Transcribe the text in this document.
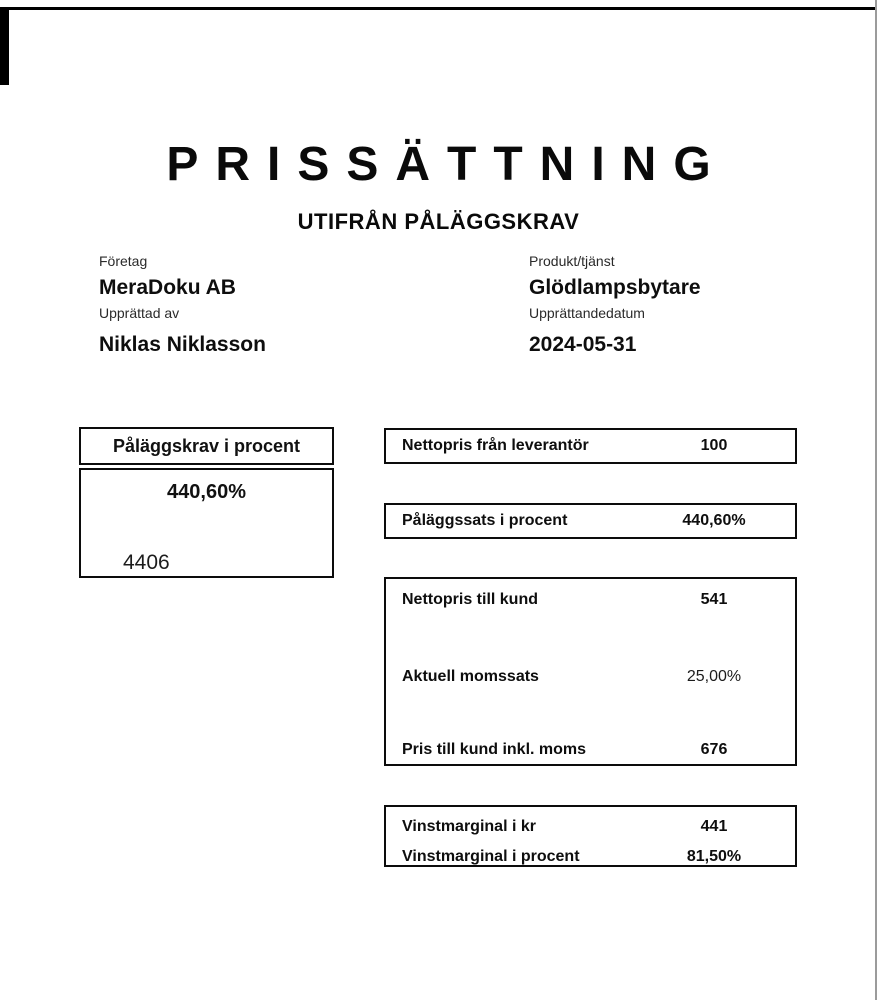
PRISSÄTTNING
UTIFRÅN PÅLÄGGSKRAV
Företag
MeraDoku AB
Produkt/tjänst
Glödlampsbytare
Upprättad av
Niklas Niklasson
Upprättandedatum
2024-05-31
Påläggskrav i procent
440,60%
4406
Nettopris från leverantör	100
Påläggssats i procent	440,60%
Nettopris till kund	541
Aktuell momssats	25,00%
Pris till kund inkl. moms	676
Vinstmarginal i kr	441
Vinstmarginal i procent	81,50%
